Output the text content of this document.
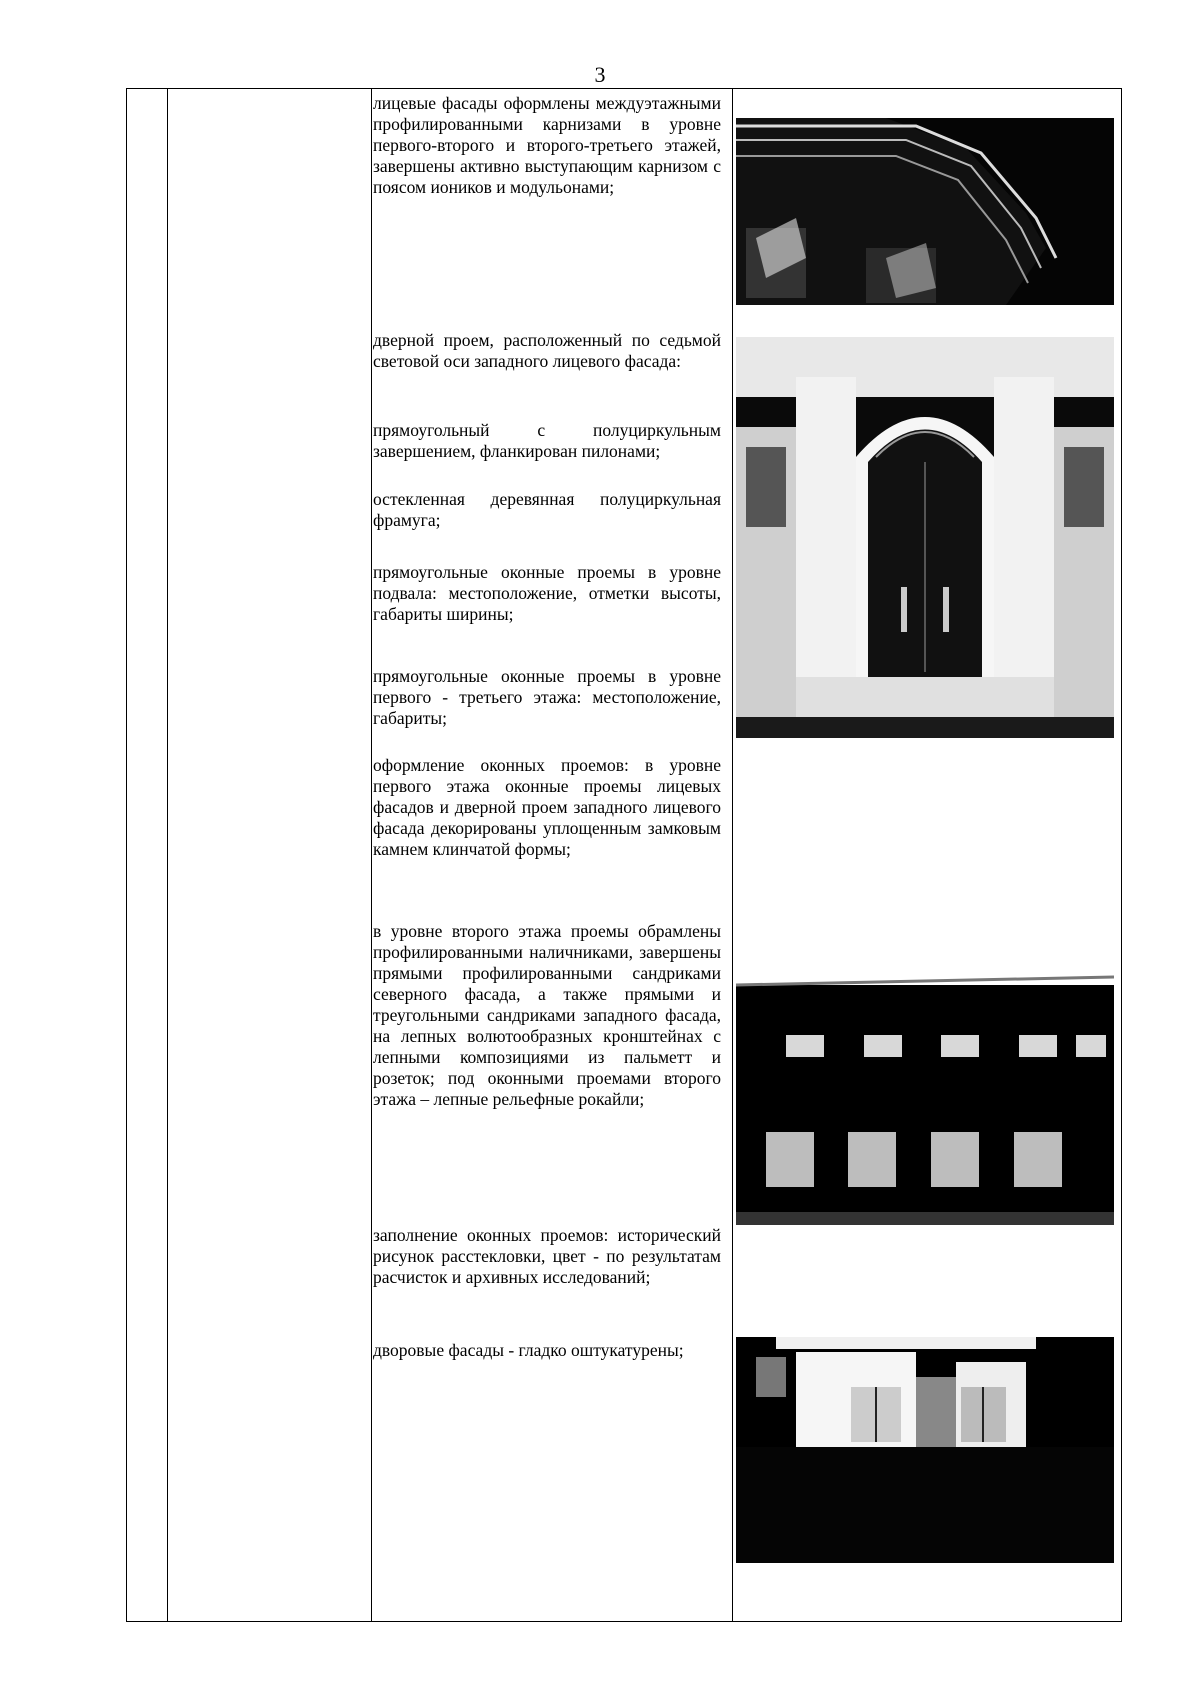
3

лицевые фасады оформлены междуэтажными профилированными карнизами в уровне первого-второго и второго-третьего этажей, завершены активно выступающим карнизом с поясом иоников и модульонами;

дверной проем, расположенный по седьмой световой оси западного лицевого фасада:

прямоугольный с полуциркульным завершением, фланкирован пилонами;

остекленная деревянная полуциркульная фрамуга;

прямоугольные оконные проемы в уровне подвала: местоположение, отметки высоты, габариты ширины;

прямоугольные оконные проемы в уровне первого - третьего этажа: местоположение, габариты;

оформление оконных проемов: в уровне первого этажа оконные проемы лицевых фасадов и дверной проем западного лицевого фасада декорированы уплощенным замковым камнем клинчатой формы;

в уровне второго этажа проемы обрамлены профилированными наличниками, завершены прямыми профилированными сандриками северного фасада, а также прямыми и треугольными сандриками западного фасада, на лепных волютообразных кронштейнах с лепными композициями из пальметт и розеток; под оконными проемами второго этажа – лепные рельефные рокайли;

заполнение оконных проемов: исторический рисунок расстекловки, цвет - по результатам расчисток и архивных исследований;

дворовые фасады - гладко оштукатурены;
